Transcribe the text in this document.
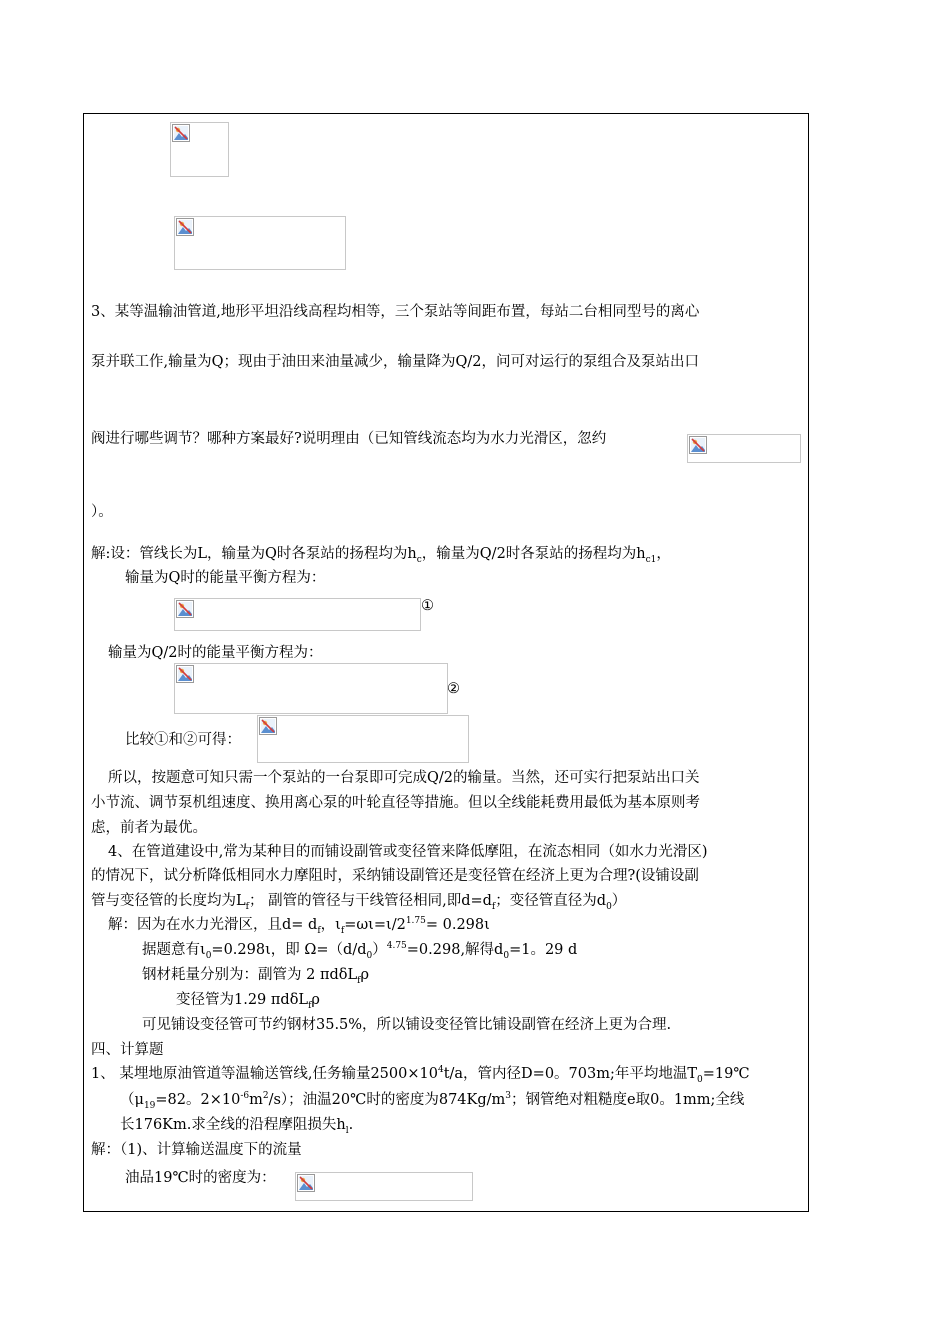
3、某等温输油管道,地形平坦沿线高程均相等，三个泵站等间距布置，每站二台相同型号的离心
泵并联工作,输量为Q；现由于油田来油量减少，输量降为Q/2，问可对运行的泵组合及泵站出口
阀进行哪些调节？哪种方案最好?说明理由（已知管线流态均为水力光滑区，忽约
）。
解:设：管线长为L，输量为Q时各泵站的扬程均为$h_c$，输量为Q/2时各泵站的扬程均为$h_{c1}$，
输量为Q时的能量平衡方程为：
①
输量为Q/2时的能量平衡方程为：
②
比较①和②可得：
所以，按题意可知只需一个泵站的一台泵即可完成Q/2的输量。当然，还可实行把泵站出口关
小节流、调节泵机组速度、换用离心泵的叶轮直径等措施。但以全线能耗费用最低为基本原则考
虑，前者为最优。
4、在管道建设中,常为某种目的而铺设副管或变径管来降低摩阻，在流态相同（如水力光滑区)
的情况下，试分析降低相同水力摩阻时，采纳铺设副管还是变径管在经济上更为合理?(设铺设副
管与变径管的长度均为$L_f$； 副管的管径与干线管径相同,即$d=d_f$；变径管直径为$d_0$）
解：因为在水力光滑区，且$d= d_f$，$\iota_f=\omega\iota=\iota/2^{1.75}= 0.298\iota$
据题意有$\iota_0=0.298\iota$，即 $\Omega=(d/d_0)^{4.75}=0.298$,解得$d_0=1$。29 d
钢材耗量分别为：副管为 2 πdδL$_f$ρ
变径管为1.29 πdδL$_f$ρ
可见铺设变径管可节约钢材35.5%，所以铺设变径管比铺设副管在经济上更为合理.
四、计算题
1、 某埋地原油管道等温输送管线,任务输量$2500\times 10^4t/a$，管内径D=0。703m;年平均地温$T_0=19℃$
（$\mu_{19}=82$。$2\times 10^{-6}m^2/s$）；油温20℃时的密度为$874Kg/m^3$；钢管绝对粗糙度e取0。1mm;全线
长176Km.求全线的沿程摩阻损失$h_l$.
解：（1)、计算输送温度下的流量
油品19℃时的密度为：
